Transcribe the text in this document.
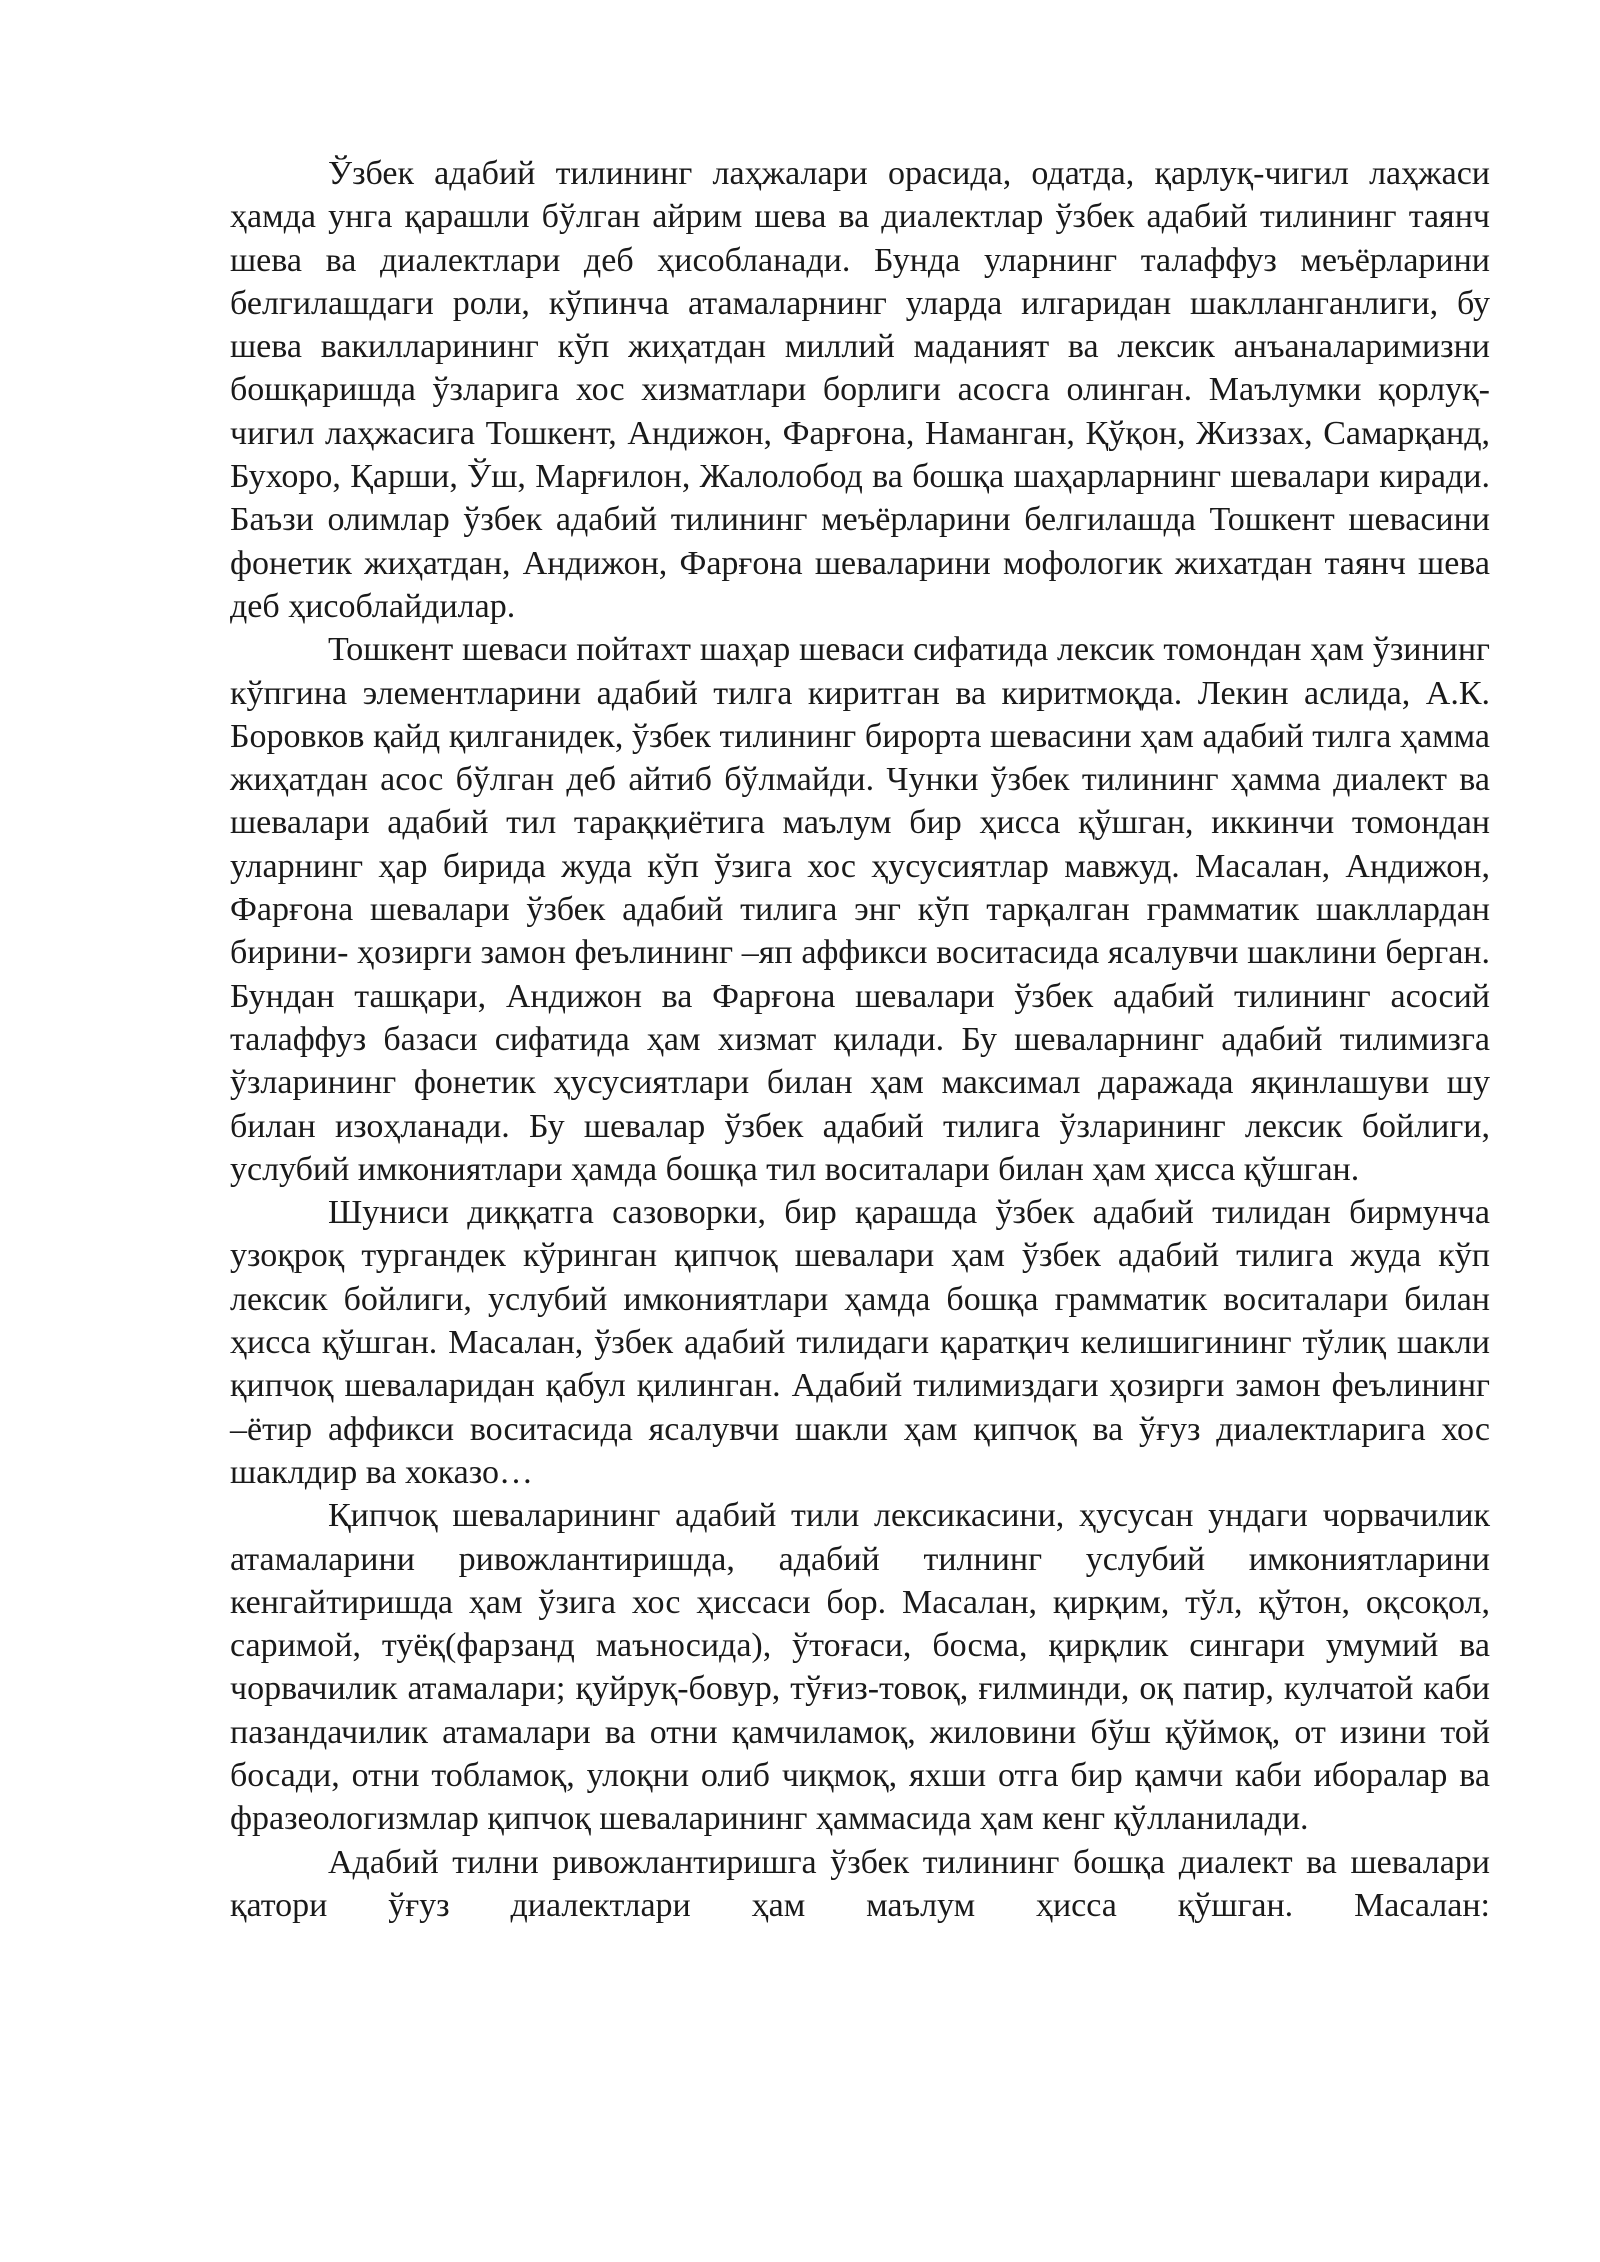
Ўзбек адабий тилининг лаҳжалари орасида, одатда, қарлуқ-чигил лаҳжаси ҳамда унга қарашли бўлган айрим шева ва диалектлар ўзбек адабий тилининг таянч шева ва диалектлари деб ҳисобланади. Бунда уларнинг талаффуз меъёрларини белгилашдаги роли, кўпинча атамаларнинг уларда илгаридан шаклланганлиги, бу шева вакилларининг кўп жиҳатдан миллий маданият ва лексик анъаналаримизни бошқаришда ўзларига хос хизматлари борлиги асосга олинган. Маълумки қорлуқ-чигил лаҳжасига Тошкент, Андижон, Фарғона, Наманган, Қўқон, Жиззах, Самарқанд, Бухоро, Қарши, Ўш, Марғилон, Жалолобод ва бошқа шаҳарларнинг шевалари киради. Баъзи олимлар ўзбек адабий тилининг меъёрларини белгилашда Тошкент шевасини фонетик жиҳатдан, Андижон, Фарғона шеваларини мофологик жихатдан таянч шева деб ҳисоблайдилар.

Тошкент шеваси пойтахт шаҳар шеваси сифатида лексик томондан ҳам ўзининг кўпгина элементларини адабий тилга киритган ва киритмоқда. Лекин аслида, А.К. Боровков қайд қилганидек, ўзбек тилининг бирорта шевасини ҳам адабий тилга ҳамма жиҳатдан асос бўлган деб айтиб бўлмайди. Чунки ўзбек тилининг ҳамма диалект ва шевалари адабий тил тараққиётига маълум бир ҳисса қўшган, иккинчи томондан уларнинг ҳар бирида жуда кўп ўзига хос ҳусусиятлар мавжуд. Масалан, Андижон, Фарғона шевалари ўзбек адабий тилига энг кўп тарқалган грамматик шакллардан бирини- ҳозирги замон феълининг –яп аффикси воситасида ясалувчи шаклини берган. Бундан ташқари, Андижон ва Фарғона шевалари ўзбек адабий тилининг асосий талаффуз базаси сифатида ҳам хизмат қилади. Бу шеваларнинг адабий тилимизга ўзларининг фонетик ҳусусиятлари билан ҳам максимал даражада яқинлашуви шу билан изоҳланади. Бу шевалар ўзбек адабий тилига ўзларининг лексик бойлиги, услубий имкониятлари ҳамда бошқа тил воситалари билан ҳам ҳисса қўшган.

Шуниси диққатга сазоворки, бир қарашда ўзбек адабий тилидан бирмунча узоқроқ тургандек кўринган қипчоқ шевалари ҳам ўзбек адабий тилига жуда кўп лексик бойлиги, услубий имкониятлари ҳамда бошқа грамматик воситалари билан ҳисса қўшган. Масалан, ўзбек адабий тилидаги қаратқич келишигининг тўлиқ шакли қипчоқ шеваларидан қабул қилинган. Адабий тилимиздаги ҳозирги замон феълининг –ётир аффикси воситасида ясалувчи шакли ҳам қипчоқ ва ўғуз диалектларига хос шаклдир ва хоказо…

Қипчоқ шеваларининг адабий тили лексикасини, ҳусусан ундаги чорвачилик атамаларини ривожлантиришда, адабий тилнинг услубий имкониятларини кенгайтиришда ҳам ўзига хос ҳиссаси бор. Масалан, қирқим, тўл, қўтон, оқсоқол, саримой, туёқ(фарзанд маъносида), ўтоғаси, босма, қирқлик сингари умумий ва чорвачилик атамалари; қуйруқ-бовур, тўғиз-товоқ, ғилминди, оқ патир, кулчатой каби пазандачилик атамалари ва отни қамчиламоқ, жиловини бўш қўймоқ, от изини той босади, отни тобламоқ, улоқни олиб чиқмоқ, яхши отга бир қамчи каби иборалар ва фразеологизмлар қипчоқ шеваларининг ҳаммасида ҳам кенг қўлланилади.

Адабий тилни ривожлантиришга ўзбек тилининг бошқа диалект ва шевалари қатори ўғуз диалектлари ҳам маълум ҳисса қўшган. Масалан:
